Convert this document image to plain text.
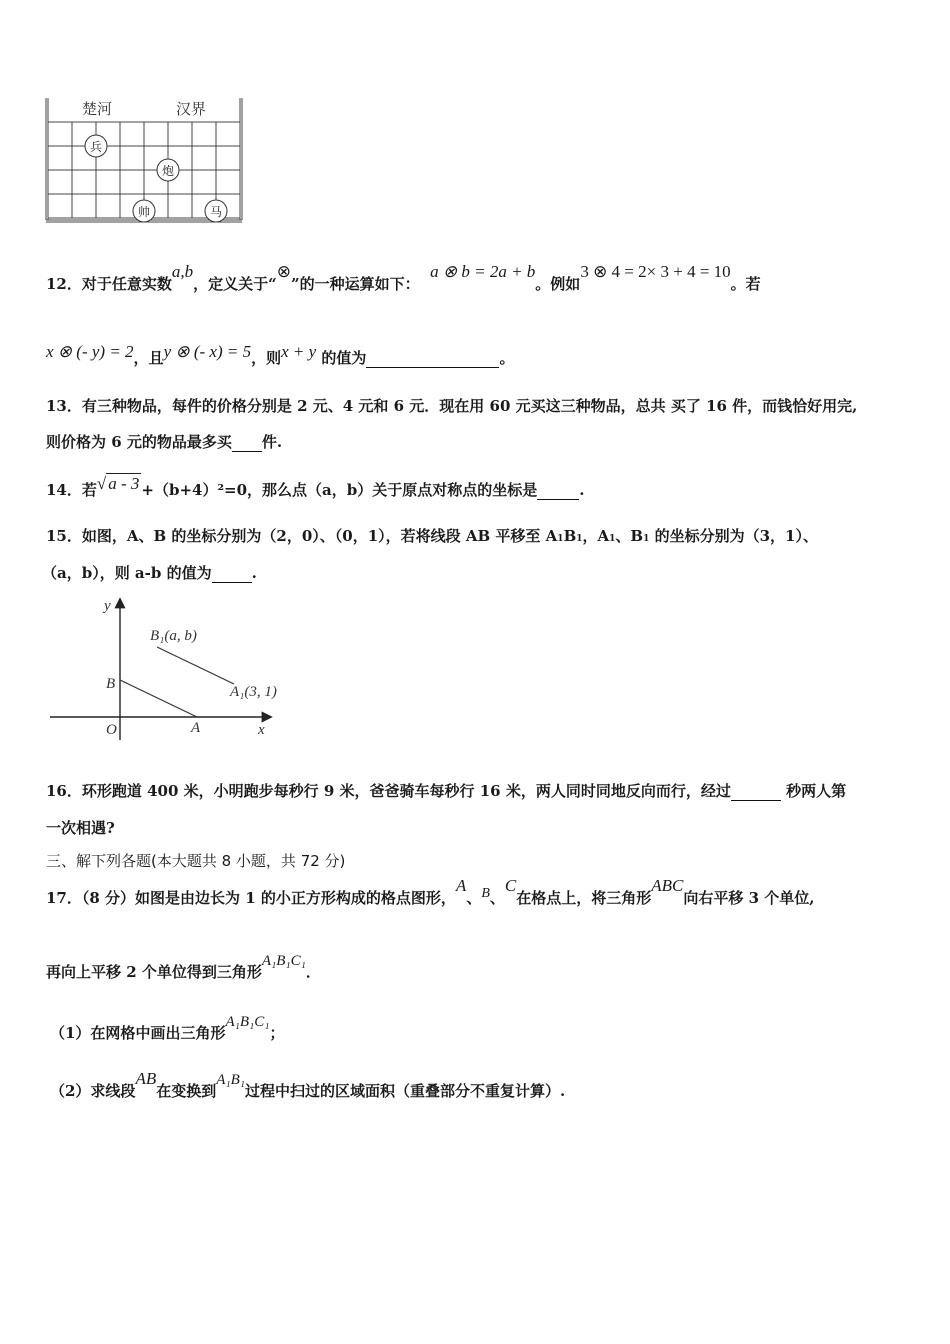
楚河	汉界
兵
炮
帅	马
12．对于任意实数a,b，定义关于“⊗”的一种运算如下：  a ⊗ b = 2a + b。例如3 ⊗ 4 = 2× 3 + 4 = 10。若
x ⊗ (- y) = 2，且y ⊗ (- x) = 5，则x + y 的值为	。
13．有三种物品，每件的价格分别是 2 元、4 元和 6 元．现在用 60 元买这三种物品，总共 买了 16 件，而钱恰好用完,
则价格为 6 元的物品最多买 件.
14．若√ a - 3 +（b+4）²=0，那么点（a，b）关于原点对称点的坐标是	.
15．如图，A、B 的坐标分别为（2，0）、（0，1），若将线段 AB 平移至 A1B1，A1、B1 的坐标分别为（3，1）、
（a，b），则 a-b 的值为	.
y
x
O
B
A
B₁(a, b)
A₁(3, 1)
16．环形跑道 400 米，小明跑步每秒行 9 米，爸爸骑车每秒行 16 米，两人同时同地反向而行，经过	秒两人第
一次相遇?
三、解下列各题(本大题共 8 小题，共 72 分)
17．（8 分）如图是由边长为 1 的小正方形构成的格点图形，A、B、C在格点上，将三角形ABC向右平移 3 个单位,
再向上平移 2 个单位得到三角形A₁B₁C₁．
（1）在网格中画出三角形A₁B₁C₁；
（2）求线段AB在变换到A₁B₁过程中扫过的区域面积（重叠部分不重复计算）.
